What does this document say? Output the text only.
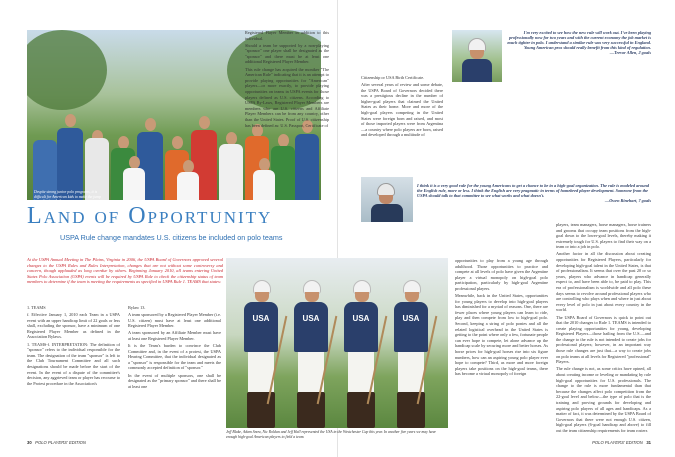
Despite strong junior polo programs, it is difficult for American kids to make the jump to professional players.
Land of Opportunity
USPA Rule change mandates U.S. citizens be included on polo teams
At the USPA Annual Meeting in The Plains, Virginia in 2006, the USPA Board of Governors approved several changes to the USPA Rules and Rules Interpretation, changes that are not without some controversy and concern, though applauded as long overdue by others. Beginning January 2010, all teams entering United States Polo Association (USPA) events will be required by USPA Rule to check the citizenship status of team members to determine if the team is meeting the requirements as specified in USPA Rule 1. TEAMS that states:

1. TEAMS

f. Effective January 1, 2010 each Team in a USPA event with an upper handicap limit of 22 goals or less shall, excluding the sponsor, have a minimum of one Registered Player Member as defined in the Association Bylaws.

1. TEAMS-f. INTERPRETATION: The definition of "sponsor" refers to the individual responsible for the team. The designation of the team "sponsor" is left to the Club Tournament Committee and all such designations should be made before the start of the event. In the event of a dispute of the committee's decision, any aggrieved team or player has recourse to the Protest procedure in the Association's

Bylaw 13.

A team sponsored by a Registered Player Member (i.e. U.S. citizen) must have at least one additional Registered Player Member.

A team sponsored by an Affiliate Member must have at least one Registered Player Member.

It is the Team's burden to convince the Club Committee and, in the event of a protest, the USPA Hearing Committee, that the individual designated as a "sponsor" is responsible for the team and meets the commonly accepted definition of "sponsor."

In the event of multiple sponsors, one shall be designated as the "primary sponsor" and there shall be at least one

Registered Player Member in addition to this individual.

Should a team be supported by a non-playing "sponsor" one player shall be designated as the "sponsor" and there must be at least one additional Registered Player Member.

This rule change has acquired the moniker "The American Rule" indicating that it is an attempt to provide playing opportunities for "American" players—or more exactly, to provide playing opportunities on teams in USPA events for those players defined as U.S. citizens. According to USPA By-Laws, Registered Player Members are members who are U.S. citizens and Affiliate Player Members can be from any country, other than the United States. Proof of U.S. citizenship has been defined as: U.S. Passport, Certificate of

I'm very excited to see how the new rule will work out. I've been playing professionally now for two years and with the current economy the job market is much tighter in polo. I understand a similar rule was very successful in England. Young American pros should really benefit from this kind of regulation.
—Trevor Allen, 2 goals

Citizenship or USA Birth Certificate.

After several years of review and some debate, the USPA Board of Governors decided there was a prestigious decline in the number of higher-goal players that claimed the United States as their home. More and more of the high-goal players competing in the United States were foreign born and raised, and most of those imported players were from Argentina—a country where polo players are born, raised and developed through a multitude of

I think it is a very good rule for the young Americans to get a chance to be in a high-goal organization. The rule is modeled around the English rule, more or less. I think the English are very pragmatic in terms of homebred player development. Someone from the USPA should talk to that committee to see what works and what doesn't.
—Owen Rinehart, 7 goals
USA	USA	USA	USA
Jeff Blake, Adam Snow, Nic Roldan and Jeff Hall represented the USA in the Westchester Cup this year. In another five years we may have enough high-goal American players to field a team.

opportunities to play from a young age through adulthood. Those opportunities to practice and compete at all levels of polo have given the Argentine player a virtual monopoly on high-goal polo participation, particularly by high-goal Argentine professional players.

Meanwhile, back in the United States, opportunities for young players to develop into high-goal players has diminished for a myriad of reasons. One, there are fewer places where young players can learn to ride, play and then compete from low to high-goal polo. Second, keeping a string of polo ponies and all the related logistical overhead in the United States is getting to the point where only a few, fortunate people can ever hope to compete, let alone advance up the handicap scale by securing more and better horses. As horse prices for high-goal horses rise into six figure numbers, how can an aspiring young polo player ever hope to compete? Third, as more and more foreign players take positions on the high-goal teams, there has become a virtual monopoly of foreign

players, team managers, horse managers, horse trainers and grooms that occupy team positions from the high-goal down to the lower-goal levels, thereby making it extremely tough for U.S. players to find their way on a team or into a job in polo.

Another factor in all the discussion about creating opportunities for Registered Players, particularly for developing high-goal talent in the United States, is that of professionalism. It seems that over the past 20 or so years, players who advance in handicap generally expect to, and have been able to, be paid to play. This era of professionalism is worldwide and all polo these days seems to revolve around professional players who are controlling who plays when and where in just about every level of polo in just about every country in the world.

The USPA Board of Governors is quick to point out that the 2010 changes to Rule 1. TEAMS is intended to create playing opportunities for young, developing Registered Players—those hailing from the U.S.—and the change to the rule is not intended to create jobs for professional players; however, in an important way those rule changes are just that—a way to create jobs on polo teams at all levels for Registered "professional" Players.

The rule change is not, as some critics have opined, all about creating income or leveling or mandating by rule high-goal opportunities for U.S. professionals. The change to the rule is more fundamental than that because the changes affect polo competition from the 22-goal level and below—the type of polo that is the training and proving grounds for developing and aspiring polo players of all ages and handicaps. As a matter of fact, it was determined by the USPA Board of Governors that there were not enough U.S. citizen, high-goal players (6-goal handicap and above) to fill out the team citizenship requirements for team rosters

30 POLO PLAYERS' EDITION	POLO PLAYERS' EDITION 31
